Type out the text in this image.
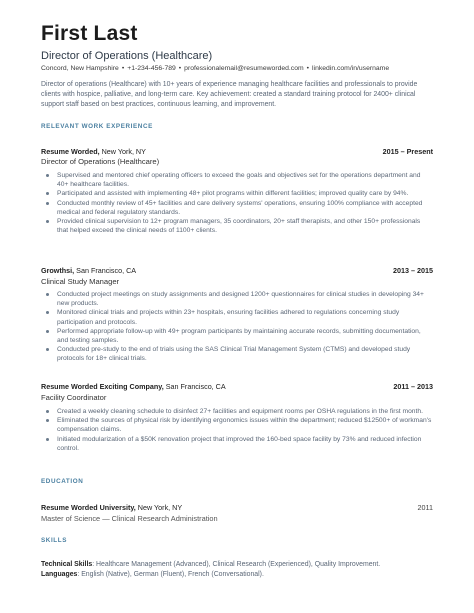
First Last
Director of Operations (Healthcare)
Concord, New Hampshire • +1-234-456-789 • professionalemail@resumeworded.com • linkedin.com/in/username
Director of operations (Healthcare) with 10+ years of experience managing healthcare facilities and professionals to provide clients with hospice, palliative, and long-term care. Key achievement: created a standard training protocol for 2400+ clinical support staff based on best practices, continuous learning, and improvement.
RELEVANT WORK EXPERIENCE
Resume Worded, New York, NY	2015 – Present
Director of Operations (Healthcare)
Supervised and mentored chief operating officers to exceed the goals and objectives set for the operations department and 40+ healthcare facilities.
Participated and assisted with implementing 48+ pilot programs within different facilities; improved quality care by 94%.
Conducted monthly review of 45+ facilities and care delivery systems' operations, ensuring 100% compliance with accepted medical and federal regulatory standards.
Provided clinical supervision to 12+ program managers, 35 coordinators, 20+ staff therapists, and other 150+ professionals that helped exceed the clinical needs of 1100+ clients.
Growthsi, San Francisco, CA	2013 – 2015
Clinical Study Manager
Conducted project meetings on study assignments and designed 1200+ questionnaires for clinical studies in developing 34+ new products.
Monitored clinical trials and projects within 23+ hospitals, ensuring facilities adhered to regulations concerning study participation and protocols.
Performed appropriate follow-up with 49+ program participants by maintaining accurate records, submitting documentation, and testing samples.
Conducted pre-study to the end of trials using the SAS Clinical Trial Management System (CTMS) and developed study protocols for 18+ clinical trials.
Resume Worded Exciting Company, San Francisco, CA	2011 – 2013
Facility Coordinator
Created a weekly cleaning schedule to disinfect 27+ facilities and equipment rooms per OSHA regulations in the first month.
Eliminated the sources of physical risk by identifying ergonomics issues within the department; reduced $12500+ of workman's compensation claims.
Initiated modularization of a $50K renovation project that improved the 160-bed space facility by 73% and reduced infection control.
EDUCATION
Resume Worded University, New York, NY	2011
Master of Science — Clinical Research Administration
SKILLS
Technical Skills: Healthcare Management (Advanced), Clinical Research (Experienced), Quality Improvement.
Languages: English (Native), German (Fluent), French (Conversational).
